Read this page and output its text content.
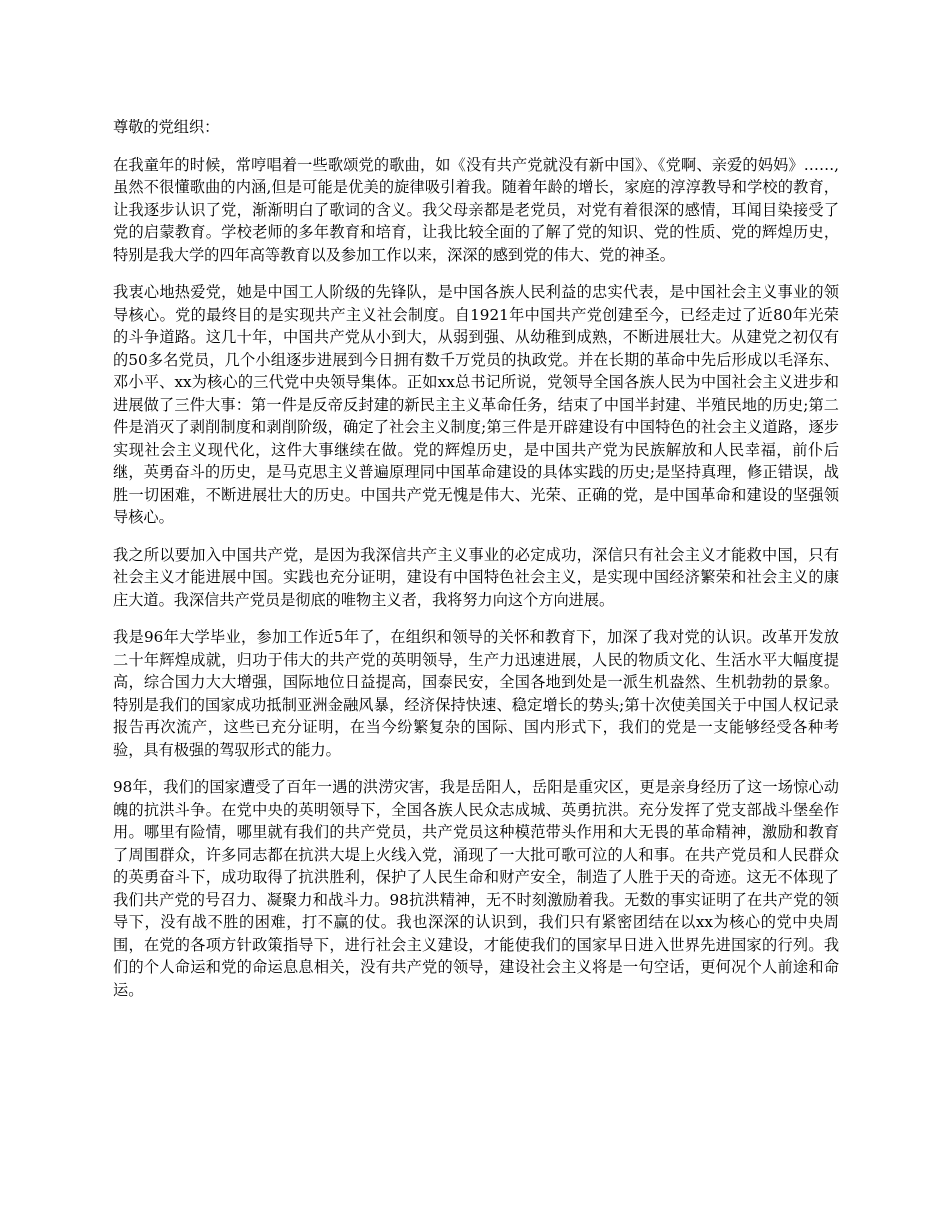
尊敬的党组织：

在我童年的时候，常哼唱着一些歌颂党的歌曲，如《没有共产党就没有新中国》、《党啊、亲爱的妈妈》……,虽然不很懂歌曲的内涵,但是可能是优美的旋律吸引着我。随着年龄的增长，家庭的淳淳教导和学校的教育，让我逐步认识了党，渐渐明白了歌词的含义。我父母亲都是老党员，对党有着很深的感情，耳闻目染接受了党的启蒙教育。学校老师的多年教育和培育，让我比较全面的了解了党的知识、党的性质、党的辉煌历史，特别是我大学的四年高等教育以及参加工作以来，深深的感到党的伟大、党的神圣。

我衷心地热爱党，她是中国工人阶级的先锋队，是中国各族人民利益的忠实代表，是中国社会主义事业的领导核心。党的最终目的是实现共产主义社会制度。自1921年中国共产党创建至今，已经走过了近80年光荣的斗争道路。这几十年，中国共产党从小到大，从弱到强、从幼稚到成熟，不断进展壮大。从建党之初仅有的50多名党员，几个小组逐步进展到今日拥有数千万党员的执政党。并在长期的革命中先后形成以毛泽东、邓小平、xx为核心的三代党中央领导集体。正如xx总书记所说，党领导全国各族人民为中国社会主义进步和进展做了三件大事：第一件是反帝反封建的新民主主义革命任务，结束了中国半封建、半殖民地的历史;第二件是消灭了剥削制度和剥削阶级，确定了社会主义制度;第三件是开辟建设有中国特色的社会主义道路，逐步实现社会主义现代化，这件大事继续在做。党的辉煌历史，是中国共产党为民族解放和人民幸福，前仆后继，英勇奋斗的历史，是马克思主义普遍原理同中国革命建设的具体实践的历史;是坚持真理，修正错误，战胜一切困难，不断进展壮大的历史。中国共产党无愧是伟大、光荣、正确的党，是中国革命和建设的坚强领导核心。

我之所以要加入中国共产党，是因为我深信共产主义事业的必定成功，深信只有社会主义才能救中国，只有社会主义才能进展中国。实践也充分证明，建设有中国特色社会主义，是实现中国经济繁荣和社会主义的康庄大道。我深信共产党员是彻底的唯物主义者，我将努力向这个方向进展。

我是96年大学毕业，参加工作近5年了，在组织和领导的关怀和教育下，加深了我对党的认识。改革开发放二十年辉煌成就，归功于伟大的共产党的英明领导，生产力迅速进展，人民的物质文化、生活水平大幅度提高，综合国力大大增强，国际地位日益提高，国泰民安，全国各地到处是一派生机盎然、生机勃勃的景象。特别是我们的国家成功抵制亚洲金融风暴，经济保持快速、稳定增长的势头;第十次使美国关于中国人权记录报告再次流产，这些已充分证明，在当今纷繁复杂的国际、国内形式下，我们的党是一支能够经受各种考验，具有极强的驾驭形式的能力。

98年，我们的国家遭受了百年一遇的洪涝灾害，我是岳阳人，岳阳是重灾区，更是亲身经历了这一场惊心动魄的抗洪斗争。在党中央的英明领导下，全国各族人民众志成城、英勇抗洪。充分发挥了党支部战斗堡垒作用。哪里有险情，哪里就有我们的共产党员，共产党员这种模范带头作用和大无畏的革命精神，激励和教育了周围群众，许多同志都在抗洪大堤上火线入党，涌现了一大批可歌可泣的人和事。在共产党员和人民群众的英勇奋斗下，成功取得了抗洪胜利，保护了人民生命和财产安全，制造了人胜于天的奇迹。这无不体现了我们共产党的号召力、凝聚力和战斗力。98抗洪精神，无不时刻激励着我。无数的事实证明了在共产党的领导下，没有战不胜的困难，打不赢的仗。我也深深的认识到，我们只有紧密团结在以xx为核心的党中央周围，在党的各项方针政策指导下，进行社会主义建设，才能使我们的国家早日进入世界先进国家的行列。我们的个人命运和党的命运息息相关，没有共产党的领导，建设社会主义将是一句空话，更何况个人前途和命运。
